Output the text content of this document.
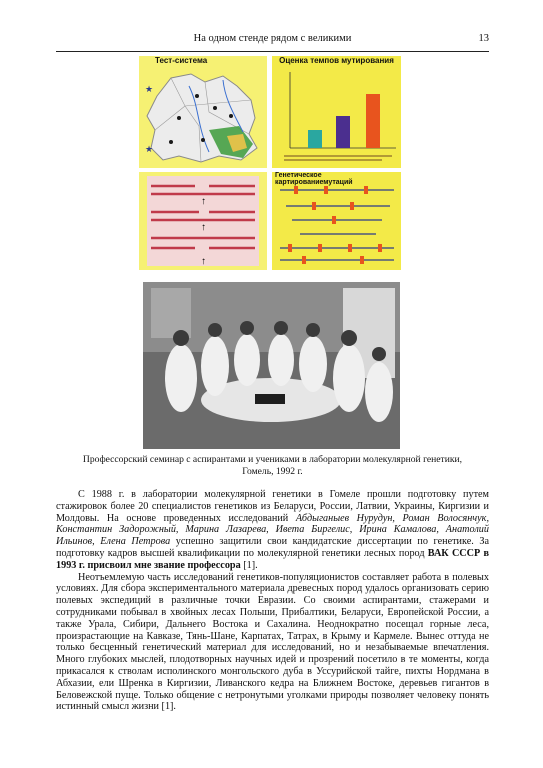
На одном стенде рядом с великими	13
Тест-система
★
★
Оценка темпов мутирования
↑
↑
↑
Генетическое картированиемутаций
Профессорский семинар с аспирантами и учениками в лаборатории молекулярной генетики,
Гомель, 1992 г.

С 1988 г. в лаборатории молекулярной генетики в Гомеле прошли подготовку путем стажировок более 20 специалистов генетиков из Беларуси, России, Латвии, Украины, Киргизии и Молдовы. На основе проведенных исследований Абдыганыев Нурудун, Роман Волосянчук, Константин Задорожный, Марина Лазарева, Ивета Биргелис, Ирина Камалова, Анатолий Ильинов, Елена Петрова успешно защитили свои кандидатские диссертации по генетике. За подготовку кадров высшей квалификации по молекулярной генетики лесных пород ВАК СССР в 1993 г. присвоил мне звание профессора [1].

Неотъемлемую часть исследований генетиков-популяционистов составляет работа в полевых условиях. Для сбора экспериментального материала древесных пород удалось организовать серию полевых экспедиций в различные точки Евразии. Со своими аспирантами, стажерами и сотрудниками побывал в хвойных лесах Польши, Прибалтики, Беларуси, Европейской России, а также Урала, Сибири, Дальнего Востока и Сахалина. Неоднократно посещал горные леса, произрастающие на Кавказе, Тянь-Шане, Карпатах, Татрах, в Крыму и Кармеле. Вынес оттуда не только бесценный генетический материал для исследований, но и незабываемые впечатления. Много глубоких мыслей, плодотворных научных идей и прозрений посетило в те моменты, когда прикасался к стволам исполинского монгольского дуба в Уссурийской тайге, пихты Нордмана в Абхазии, ели Шренка в Киргизии, Ливанского кедра на Ближнем Востоке, деревьев гигантов в Беловежской пуще. Только общение с нетронутыми уголками природы позволяет человеку понять истинный смысл жизни [1].
